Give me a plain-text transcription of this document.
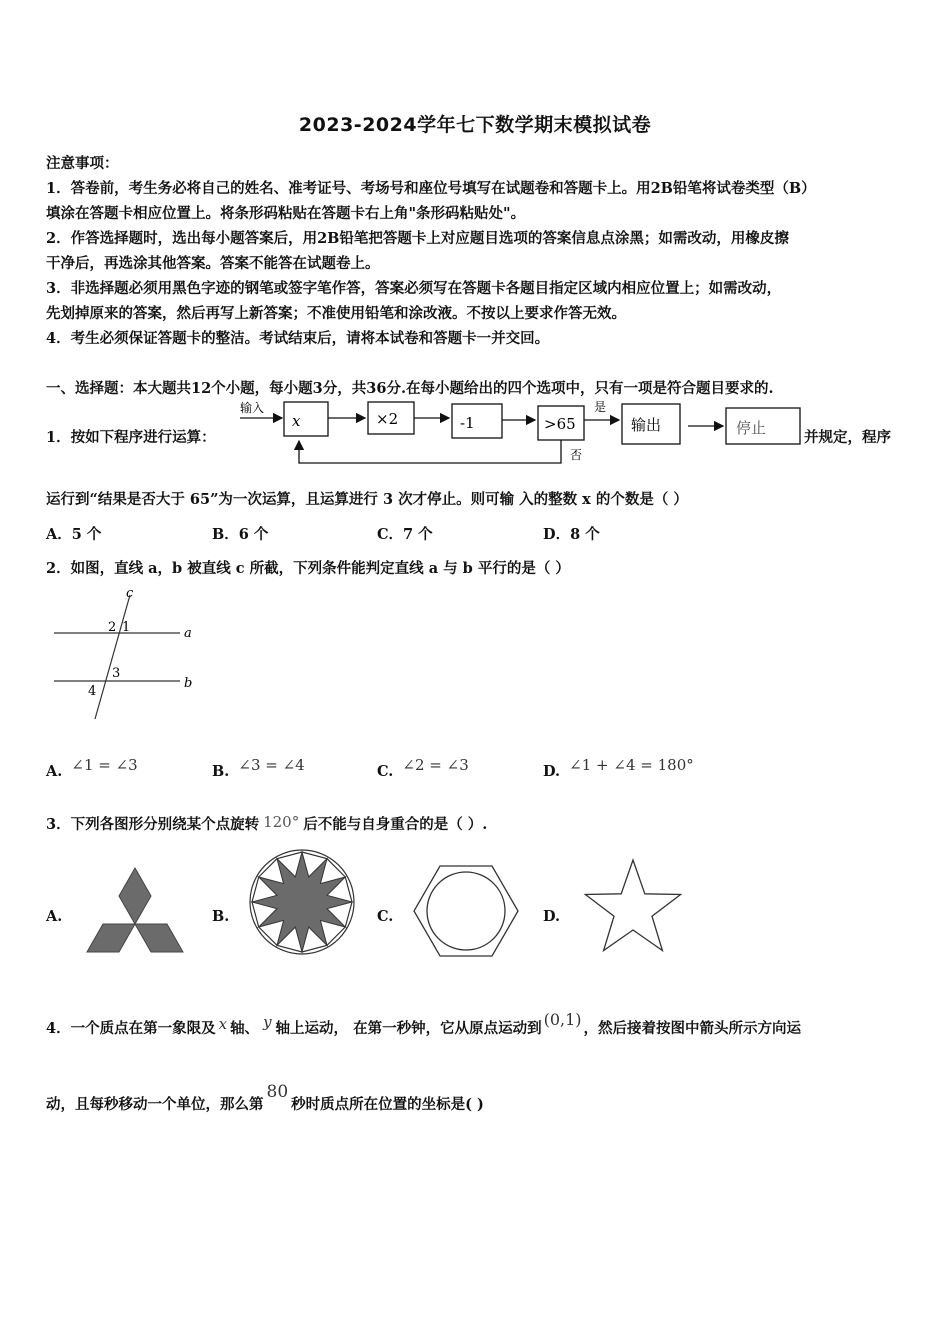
2023-2024学年七下数学期末模拟试卷
注意事项：
1．答卷前，考生务必将自己的姓名、准考证号、考场号和座位号填写在试题卷和答题卡上。用2B铅笔将试卷类型（B）
填涂在答题卡相应位置上。将条形码粘贴在答题卡右上角"条形码粘贴处"。
2．作答选择题时，选出每小题答案后，用2B铅笔把答题卡上对应题目选项的答案信息点涂黑；如需改动，用橡皮擦
干净后，再选涂其他答案。答案不能答在试题卷上。
3．非选择题必须用黑色字迹的钢笔或签字笔作答，答案必须写在答题卡各题目指定区域内相应位置上；如需改动，
先划掉原来的答案，然后再写上新答案；不准使用铅笔和涂改液。不按以上要求作答无效。
4．考生必须保证答题卡的整洁。考试结束后，请将本试卷和答题卡一并交回。
一、选择题：本大题共12个小题，每小题3分，共36分.在每小题给出的四个选项中，只有一项是符合题目要求的.
1．按如下程序进行运算：
输入
x	×2	-1	>65
是
输出	停止
否
并规定，程序
运行到“结果是否大于 65”为一次运算，且运算进行 3 次才停止。则可输 入的整数 x 的个数是（ ）
A．5 个	B．6 个	C．7 个	D．8 个
2．如图，直线 a，b 被直线 c 所截，下列条件能判定直线 a 与 b 平行的是（ ）
c
a
b
2 1
3
4
A. ∠1 = ∠3	B. ∠3 = ∠4	C. ∠2 = ∠3	D. ∠1 + ∠4 = 180°
3．下列各图形分别绕某个点旋转 120° 后不能与自身重合的是（ ）.
A.	B.	C.	D.
4．一个质点在第一象限及 x 轴、 y 轴上运动， 在第一秒钟，它从原点运动到 (0,1) ，然后接着按图中箭头所示方向运
动，且每秒移动一个单位，那么第80秒时质点所在位置的坐标是( )
